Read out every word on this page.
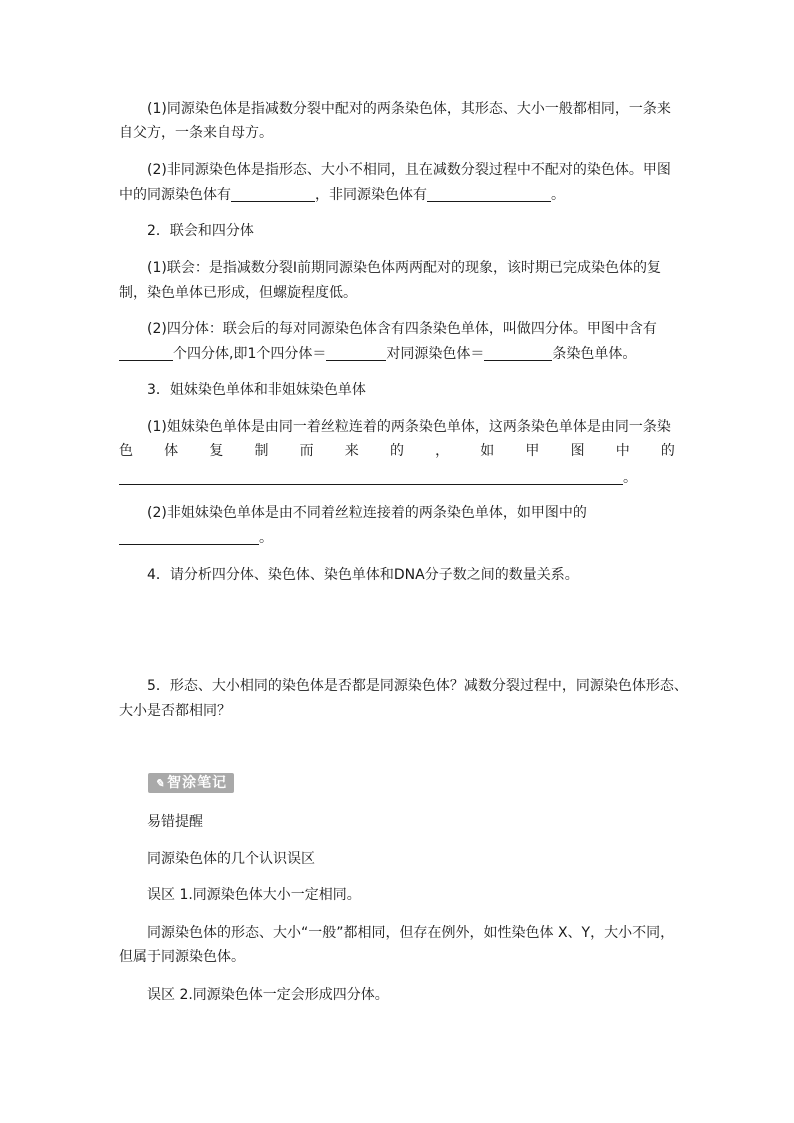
(1)同源染色体是指减数分裂中配对的两条染色体，其形态、大小一般都相同，一条来

自父方，一条来自母方。

(2)非同源染色体是指形态、大小不相同，且在减数分裂过程中不配对的染色体。甲图

中的同源染色体有	，非同源染色体有	。

2．联会和四分体

(1)联会：是指减数分裂Ⅰ前期同源染色体两两配对的现象，该时期已完成染色体的复

制，染色单体已形成，但螺旋程度低。

(2)四分体：联会后的每对同源染色体含有四条染色单体，叫做四分体。甲图中含有

个四分体,即1个四分体＝	对同源染色体＝	条染色单体。

3．姐妹染色单体和非姐妹染色单体

(1)姐妹染色单体是由同一着丝粒连着的两条染色单体，这两条染色单体是由同一条染

色 体 复 制 而 来 的 ， 如 甲 图 中 的

。

(2)非姐妹染色单体是由不同着丝粒连接着的两条染色单体，如甲图中的

。

4．请分析四分体、染色体、染色单体和DNA分子数之间的数量关系。

5．形态、大小相同的染色体是否都是同源染色体？减数分裂过程中，同源染色体形态、

大小是否都相同？

✎ 智涂笔记

易错提醒

同源染色体的几个认识误区

误区 1.同源染色体大小一定相同。

同源染色体的形态、大小“一般”都相同，但存在例外，如性染色体 X、Y，大小不同，

但属于同源染色体。

误区 2.同源染色体一定会形成四分体。
